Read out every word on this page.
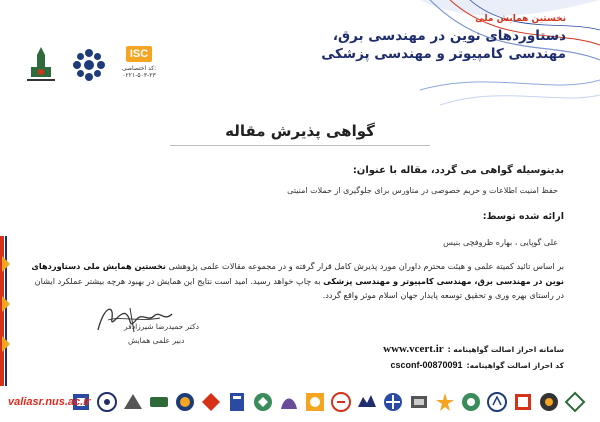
نخستین همایش ملی
دستاوردهای نوین در مهندسی برق،
مهندسی کامپیوتر و مهندسی پزشکی
ISC
کد اختصاصی:
۰۲۲۱-۵۰۳-۲۳
گواهی پذیرش مقاله
بدینوسیله گواهی می گردد، مقاله با عنوان:
حفظ امنیت اطلاعات و حریم خصوصی در متاورس برای جلوگیری از حملات امنیتی
ارائه شده توسط:
علی گوپایی ، بهاره ظروفچی بنیس
بر اساس تائید کمیته علمی و هیئت محترم داوران مورد پذیرش کامل قرار گرفته و در مجموعه مقالات علمی پژوهشی نخستین همایش ملی دستاوردهای نوین در مهندسی برق، مهندسی کامپیوتر و مهندسی پزشکی به چاپ خواهد رسید. امید است نتایج این همایش در بهبود هرچه بیشتر عملکرد ایشان در راستای بهره وری و تحقیق توسعه پایدار جهان اسلام موثر واقع گردد.
دکتر حمیدرضا شیرزادفر
دبیر علمی همایش
سامانه احراز اصالت گواهینامه :www.vcert.ir
کد احراز اصالت گواهینامه:csconf-00870091
valiasr.nus.ac.ir
